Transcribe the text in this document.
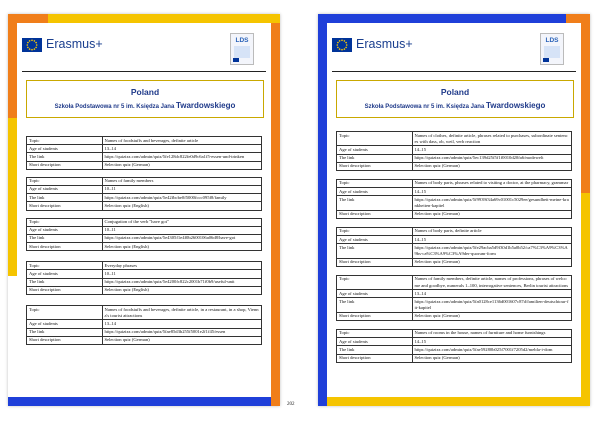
Erasmus+	LDS
Poland
Szkoła Podstawowa nr 5 im. Księdza Jana Twardowskiego
Topic	Names of foodstuffs and beverages, definite article
Age of students	13–14
The link	https://quizizz.com/admin/quiz/5fe128dc822fe0d9c6a1f5-essen-und-trinken
Short description	Selection quiz (German)
Topic	Names of family members
Age of students	10–11
The link	https://quizizz.com/admin/quiz/5e42fbcbe0f5000fccc095f8/family
Short description	Selection quiz (English)
Topic	Conjugation of the verb "have got"
Age of students	10–11
The link	https://quizizz.com/admin/quiz/5e4305f1e4f0b2600106a06d8/have-got
Short description	Selection quiz (English)
Topic	Everyday phrases
Age of students	10–11
The link	https://quizizz.com/admin/quiz/5e4200fc822c2001b71f0b9/useful-unit
Short description	Selection quiz (English)
Topic	Names of foodstuffs and beverages, definite article, in a restaurant, in a shop, Vienna's tourist attractions
Age of students	13–14
The link	https://quizizz.com/admin/quiz/5fae85d3b255f5001e2f1f45/essen
Short description	Selection quiz (German)
Erasmus+	LDS
Poland
Szkoła Podstawowa nr 5 im. Księdza Jana Twardowskiego
Topic	Names of clothes, definite article, phrases related to purchases, subordinate sentences with dass, ob, weil, verb reaction
Age of students	14–15
The link	https://quizizz.com/admin/quiz/5ec139d25f5f1f0010d20fa6/modewelt
Short description	Selection quiz (German)
Topic	Names of body parts, phrases related to visiting a doctor, at the pharmacy, grammar
Age of students	14–15
The link	https://quizizz.com/admin/quiz/5f9939f34a69c01001c5029ee/gesundheit-meine-krankheiten-kapitel
Short description	Selection quiz (German)
Topic	Names of body parts, definite article
Age of students	14–15
The link	https://quizizz.com/admin/quiz/5fe29acba5d9f30d1b5a0b52/ca7%C3%A9%C3%A9bs-ca%C3%A9%C3%A9der-quorum-form
Short description	Selection quiz (German)
Topic	Names of family members, definite article, names of professions, phrases of welcome and goodbye, numerals 1–100, interrogative sentences, Berlin tourist attractions
Age of students	13–14
The link	https://quizizz.com/admin/quiz/5fa0128ce1136d001607c87d/familien-deutschtour-fit-kapitel
Short description	Selection quiz (German)
Topic	Names of rooms in the house, names of furniture and home furnishings
Age of students	14–15
The link	https://quizizz.com/admin/quiz/5fae59280b025f7001f7205d2/mebla-i-dom
Short description	Selection quiz (German)
202
